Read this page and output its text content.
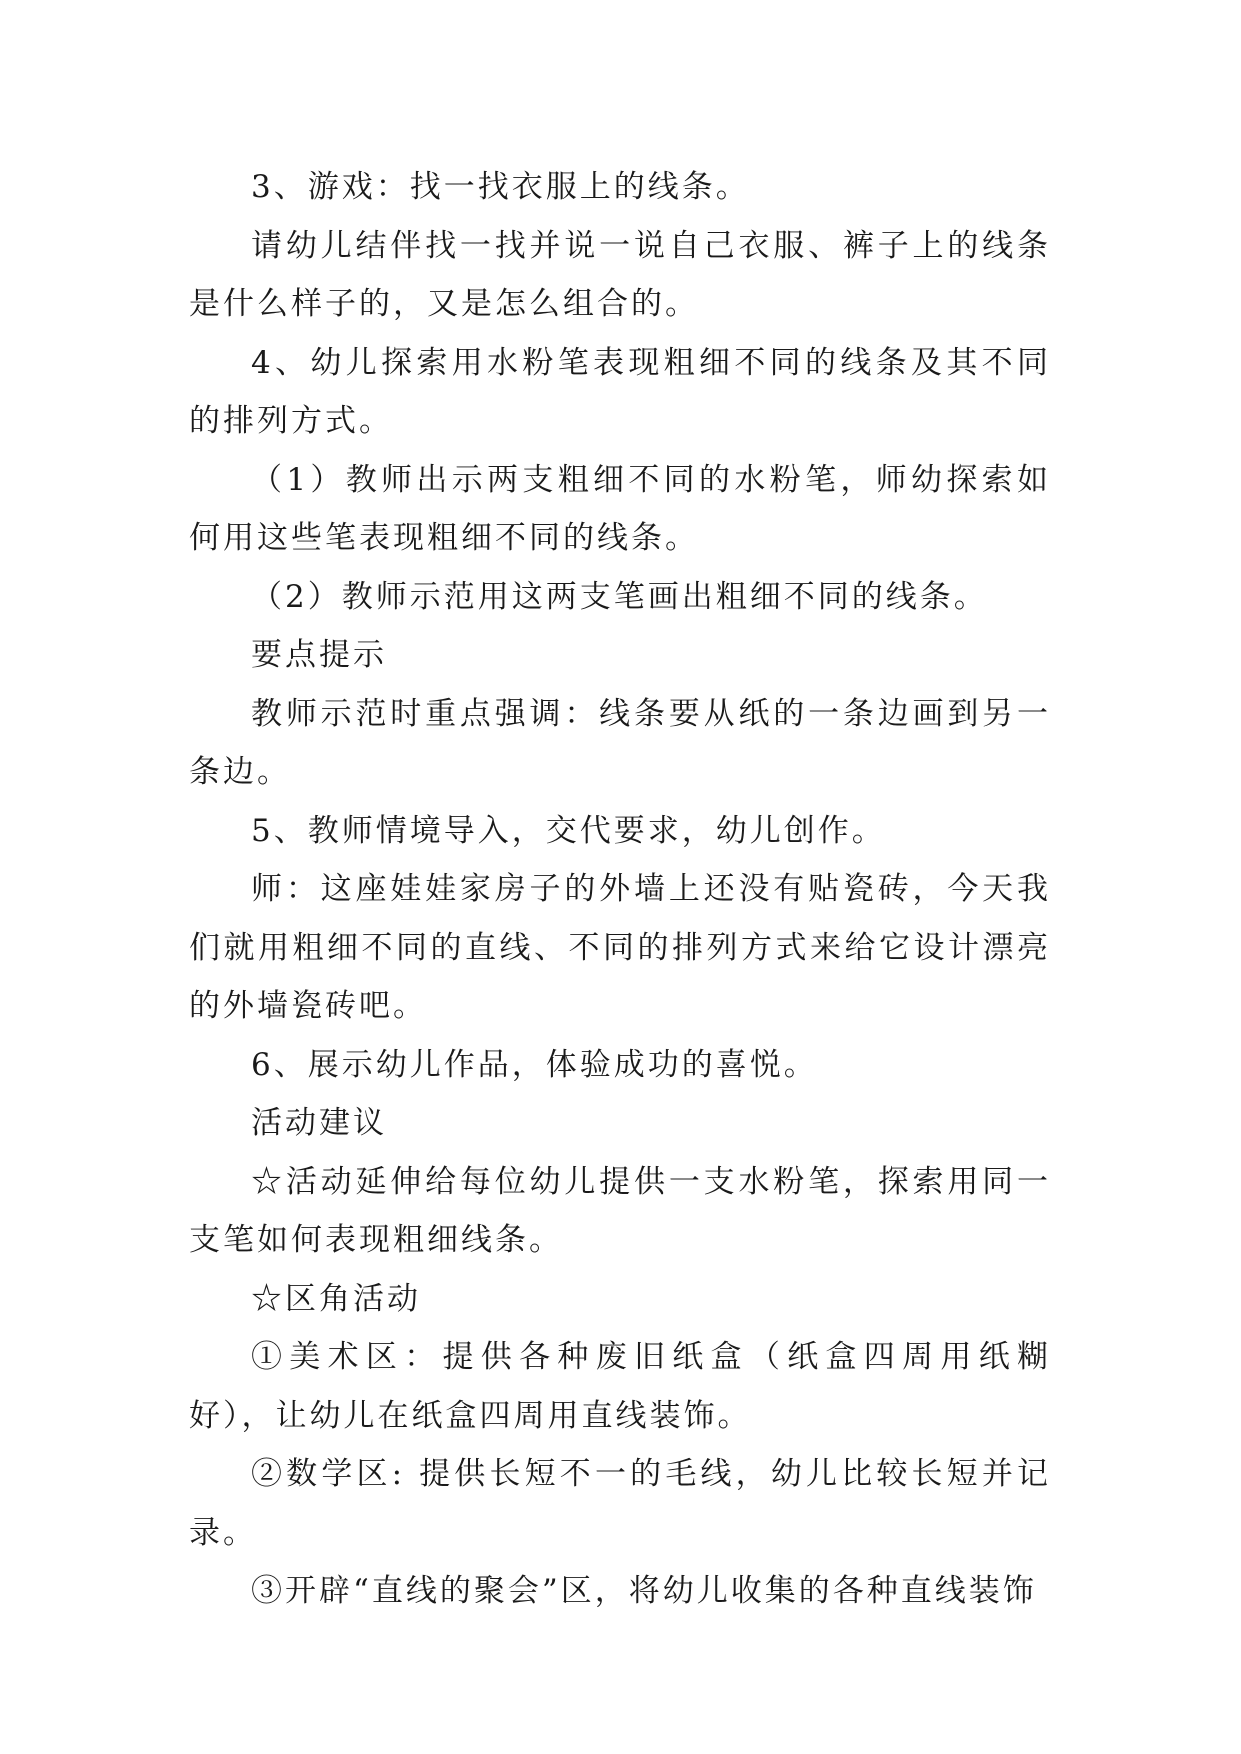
3、游戏：找一找衣服上的线条。

请幼儿结伴找一找并说一说自己衣服、裤子上的线条是什么样子的，又是怎么组合的。

4、幼儿探索用水粉笔表现粗细不同的线条及其不同的排列方式。

（1）教师出示两支粗细不同的水粉笔，师幼探索如何用这些笔表现粗细不同的线条。

（2）教师示范用这两支笔画出粗细不同的线条。

要点提示

教师示范时重点强调：线条要从纸的一条边画到另一条边。

5、教师情境导入，交代要求，幼儿创作。

师：这座娃娃家房子的外墙上还没有贴瓷砖，今天我们就用粗细不同的直线、不同的排列方式来给它设计漂亮的外墙瓷砖吧。

6、展示幼儿作品，体验成功的喜悦。

活动建议

☆活动延伸给每位幼儿提供一支水粉笔，探索用同一支笔如何表现粗细线条。

☆区角活动

①美术区：提供各种废旧纸盒（纸盒四周用纸糊好），让幼儿在纸盒四周用直线装饰。

②数学区: 提供长短不一的毛线，幼儿比较长短并记录。

③开辟“直线的聚会”区，将幼儿收集的各种直线装饰
